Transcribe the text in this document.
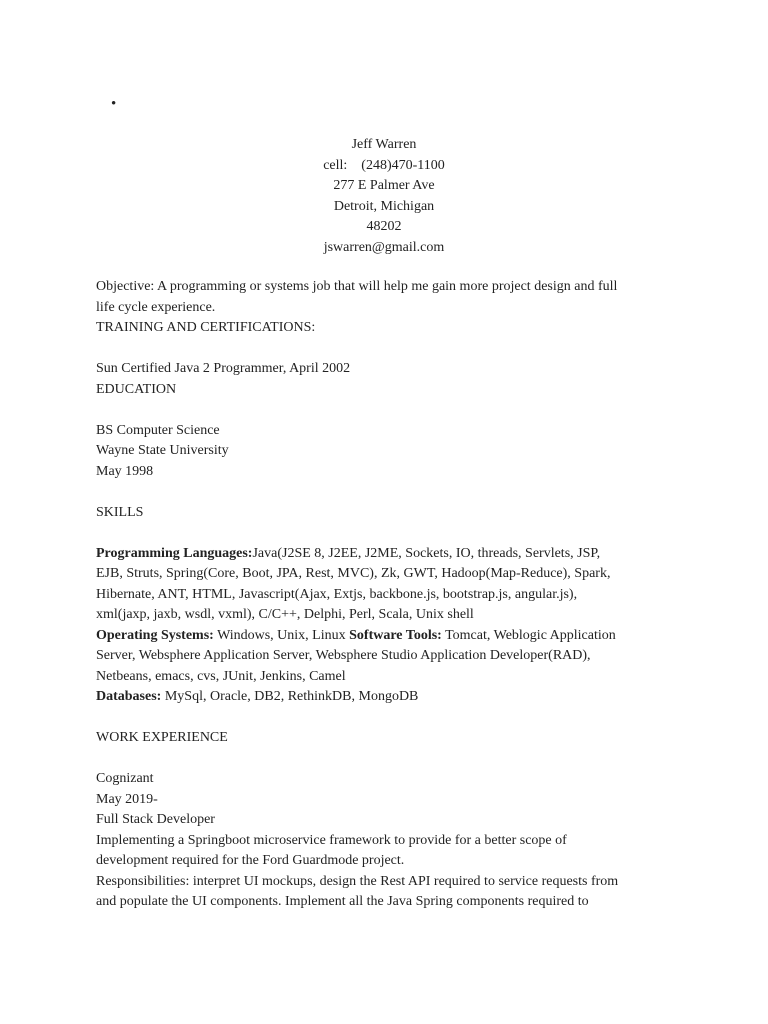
•
Jeff Warren
cell:    (248)470-1100
277 E Palmer Ave
Detroit, Michigan
48202
jswarren@gmail.com
Objective: A programming or systems job that will help me gain more project design and full
life cycle experience.
TRAINING AND CERTIFICATIONS:
Sun Certified Java 2 Programmer, April 2002
EDUCATION
BS Computer Science
Wayne State University
May 1998
SKILLS
Programming Languages:Java(J2SE 8, J2EE, J2ME, Sockets, IO, threads, Servlets, JSP,
EJB, Struts, Spring(Core, Boot, JPA, Rest, MVC), Zk, GWT, Hadoop(Map-Reduce), Spark,
Hibernate, ANT, HTML, Javascript(Ajax, Extjs, backbone.js, bootstrap.js, angular.js),
xml(jaxp, jaxb, wsdl, vxml), C/C++, Delphi, Perl, Scala, Unix shell
Operating Systems: Windows, Unix, Linux Software Tools: Tomcat, Weblogic Application
Server, Websphere Application Server, Websphere Studio Application Developer(RAD),
Netbeans, emacs, cvs, JUnit, Jenkins, Camel
Databases: MySql, Oracle, DB2, RethinkDB, MongoDB
WORK EXPERIENCE
Cognizant
May 2019-
Full Stack Developer
Implementing a Springboot microservice framework to provide for a better scope of
development required for the Ford Guardmode project.
Responsibilities: interpret UI mockups, design the Rest API required to service requests from
and populate the UI components. Implement all the Java Spring components required to
